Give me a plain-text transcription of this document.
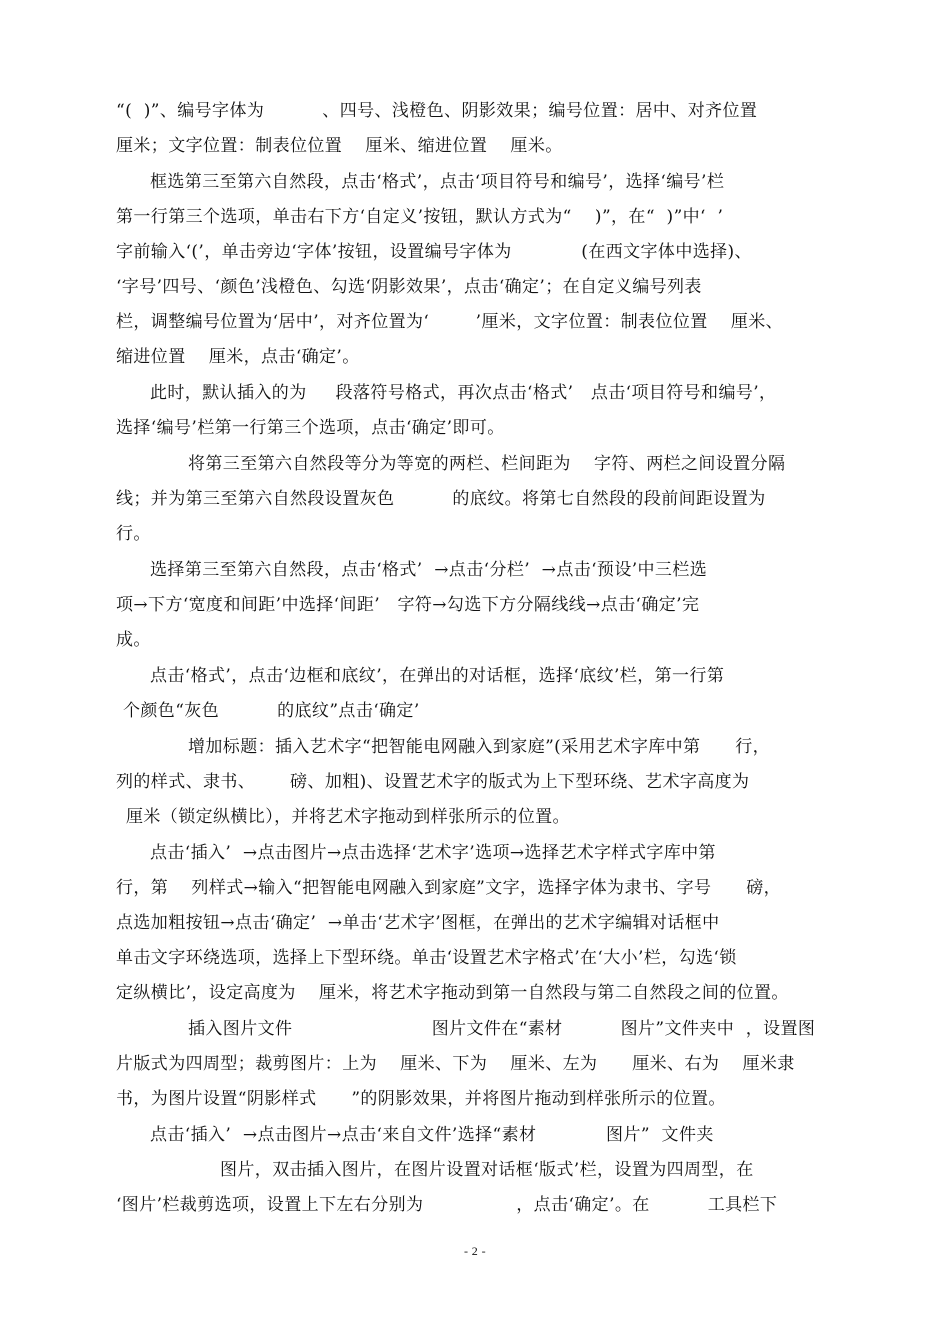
“(  )”、编号字体为          、四号、浅橙色、阴影效果；编号位置：居中、对齐位置
厘米；文字位置：制表位位置    厘米、缩进位置    厘米。
框选第三至第六自然段，点击‘格式’，点击‘项目符号和编号’，选择‘编号’栏
第一行第三个选项，单击右下方‘自定义’按钮，默认方式为“    )”，在“  )”中‘  ’
字前输入‘(’，单击旁边‘字体’按钮，设置编号字体为            (在西文字体中选择)、
‘字号’四号、‘颜色’浅橙色、勾选‘阴影效果’，点击‘确定’；在自定义编号列表
栏，调整编号位置为‘居中’，对齐位置为‘        ’厘米，文字位置：制表位位置    厘米、
缩进位置    厘米，点击‘确定’。
此时，默认插入的为     段落符号格式，再次点击‘格式’   点击‘项目符号和编号’，
选择‘编号’栏第一行第三个选项，点击‘确定’即可。
将第三至第六自然段等分为等宽的两栏、栏间距为    字符、两栏之间设置分隔
线；并为第三至第六自然段设置灰色          的底纹。将第七自然段的段前间距设置为
行。
选择第三至第六自然段，点击‘格式’  →点击‘分栏’  →点击‘预设’中三栏选
项→下方‘宽度和间距’中选择‘间距’   字符→勾选下方分隔线线→点击‘确定’完
成。
点击‘格式’，点击‘边框和底纹’，在弹出的对话框，选择‘底纹’栏，第一行第
个颜色“灰色          的底纹”点击‘确定’
增加标题：插入艺术字“把智能电网融入到家庭”(采用艺术字库中第      行，
列的样式、隶书、      磅、加粗)、设置艺术字的版式为上下型环绕、艺术字高度为
厘米（锁定纵横比），并将艺术字拖动到样张所示的位置。
点击‘插入’  →点击图片→点击选择‘艺术字’选项→选择艺术字样式字库中第
行，第    列样式→输入“把智能电网融入到家庭”文字，选择字体为隶书、字号      磅，
点选加粗按钮→点击‘确定’  →单击‘艺术字’图框，在弹出的艺术字编辑对话框中
单击文字环绕选项，选择上下型环绕。单击‘设置艺术字格式’在‘大小’栏，勾选‘锁
定纵横比’，设定高度为    厘米，将艺术字拖动到第一自然段与第二自然段之间的位置。
插入图片文件                        图片文件在“素材          图片”文件夹中  ，设置图
片版式为四周型；裁剪图片：上为    厘米、下为    厘米、左为      厘米、右为    厘米隶
书，为图片设置“阴影样式      ”的阴影效果，并将图片拖动到样张所示的位置。
点击‘插入’  →点击图片→点击‘来自文件’选择“素材            图片”  文件夹
图片，双击插入图片，在图片设置对话框‘版式’栏，设置为四周型，在
‘图片’栏裁剪选项，设置上下左右分别为                ，点击‘确定’。在          工具栏下
- 2 -
